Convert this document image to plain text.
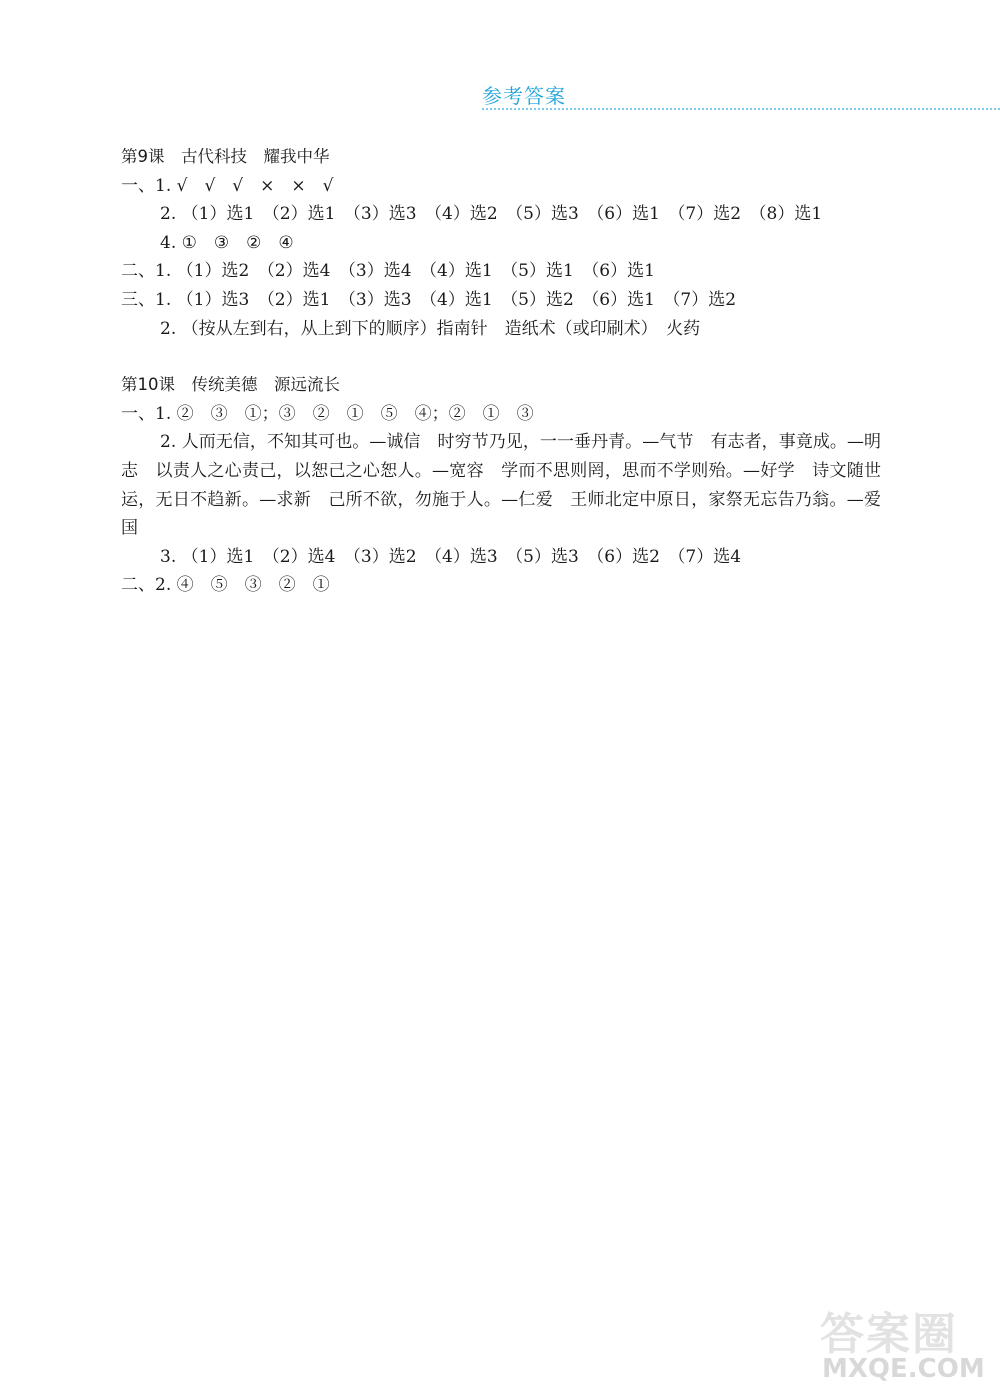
参考答案
第9课　古代科技　耀我中华
一、1. √　√　√　×　×　√
2. （1）选1　（2）选1　（3）选3　（4）选2　（5）选3　（6）选1　（7）选2　（8）选1
4. ①　③　②　④
二、1. （1）选2　（2）选4　（3）选4　（4）选1　（5）选1　（6）选1
三、1. （1）选3　（2）选1　（3）选3　（4）选1　（5）选2　（6）选1　（7）选2
2. （按从左到右，从上到下的顺序）指南针　造纸术（或印刷术）　火药
第10课　传统美德　源远流长
一、1. ②　③　①；③　②　①　⑤　④；②　①　③
2. 人而无信，不知其可也。—诚信　时穷节乃见，一一垂丹青。—气节　有志者，事竟成。—明志　以责人之心责己，以恕己之心恕人。—宽容　学而不思则罔，思而不学则殆。—好学　诗文随世运，无日不趋新。—求新　己所不欲，勿施于人。—仁爱　王师北定中原日，家祭无忘告乃翁。—爱国
3. （1）选1　（2）选4　（3）选2　（4）选3　（5）选3　（6）选2　（7）选4
二、2. ④　⑤　③　②　①
答案圈
MXQE.COM
